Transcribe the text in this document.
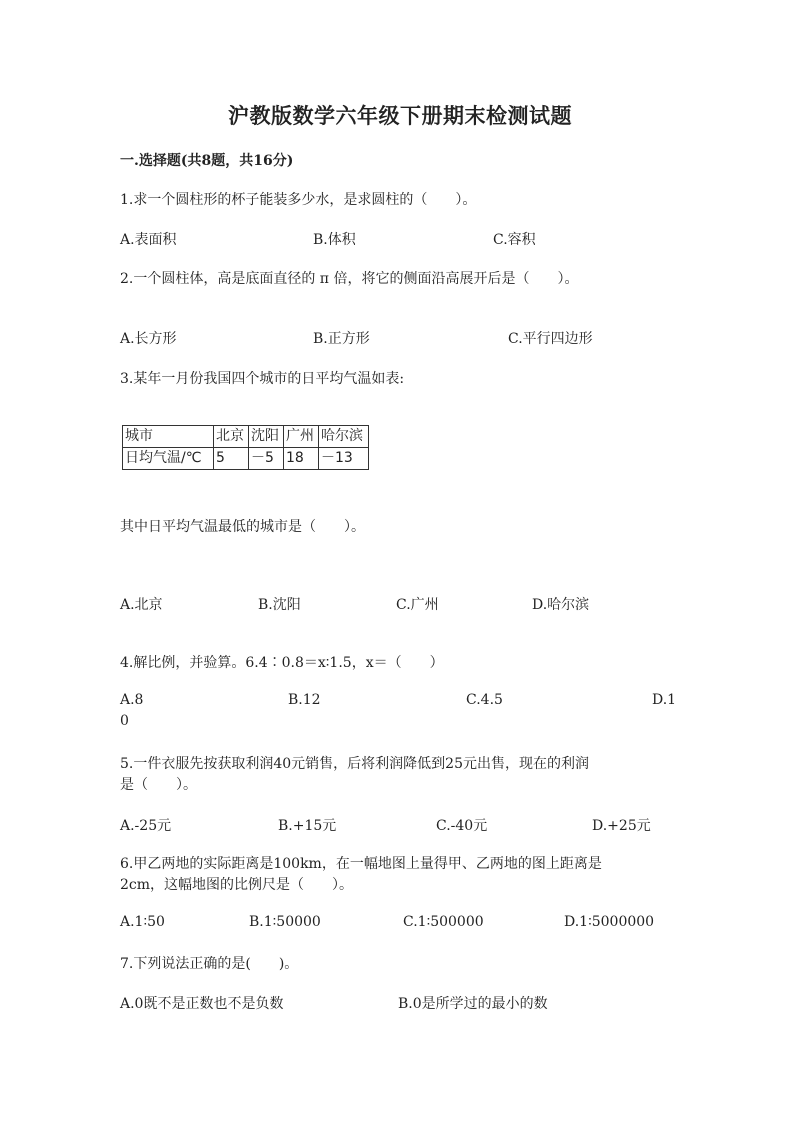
沪教版数学六年级下册期末检测试题
一.选择题(共8题，共16分)
1.求一个圆柱形的杯子能装多少水，是求圆柱的（　　）。
A.表面积	B.体积	C.容积
2.一个圆柱体，高是底面直径的 π 倍，将它的侧面沿高展开后是（　　）。
A.长方形	B.正方形	C.平行四边形
3.某年一月份我国四个城市的日平均气温如表:
城市	北京	沈阳	广州	哈尔滨
日均气温/℃	5	－5	18	－13
其中日平均气温最低的城市是（　　）。
A.北京	B.沈阳	C.广州	D.哈尔滨
4.解比例，并验算。6.4∶0.8＝x∶1.5，x＝（　　）
A.8	B.12	C.4.5	D.1
0
5.一件衣服先按获取利润40元销售，后将利润降低到25元出售，现在的利润
是（　　）。
A.-25元	B.+15元	C.-40元	D.+25元
6.甲乙两地的实际距离是100km，在一幅地图上量得甲、乙两地的图上距离是
2cm，这幅地图的比例尺是（　　）。
A.1∶50	B.1∶50000	C.1∶500000	D.1∶5000000
7.下列说法正确的是(　　)。
A.0既不是正数也不是负数	B.0是所学过的最小的数
